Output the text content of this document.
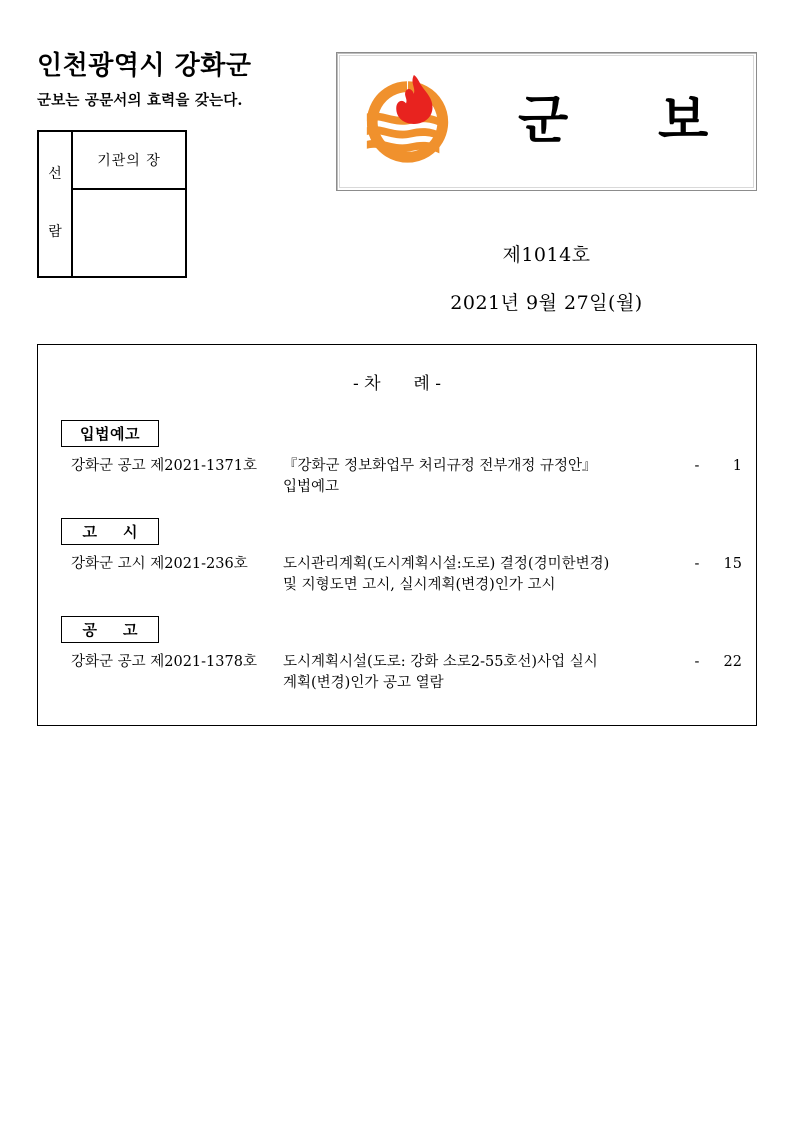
인천광역시 강화군
군보는 공문서의 효력을 갖는다.
선
람
기관의 장
군 보
제1014호
2021년 9월 27일(월)
- 차 례 -
입법예고
강화군 공고 제2021-1371호	『강화군 정보화업무 처리규정 전부개정 규정안』
입법예고
-	1
고 시
강화군 고시 제2021-236호	도시관리계획(도시계획시설:도로) 결정(경미한변경)
및 지형도면 고시, 실시계획(변경)인가 고시
-	15
공 고
강화군 공고 제2021-1378호	도시계획시설(도로: 강화 소로2-55호선)사업 실시
계획(변경)인가 공고 열람
-	22
